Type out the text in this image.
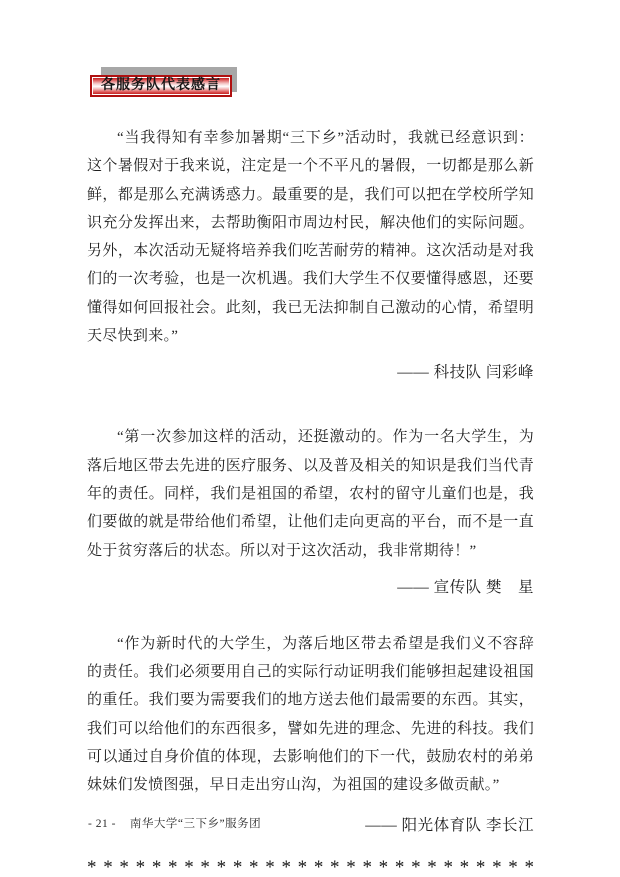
各服务队代表感言

“当我得知有幸参加暑期“三下乡”活动时，我就已经意识到：这个暑假对于我来说，注定是一个不平凡的暑假，一切都是那么新鲜，都是那么充满诱惑力。最重要的是，我们可以把在学校所学知识充分发挥出来，去帮助衡阳市周边村民，解决他们的实际问题。另外，本次活动无疑将培养我们吃苦耐劳的精神。这次活动是对我们的一次考验，也是一次机遇。我们大学生不仅要懂得感恩，还要懂得如何回报社会。此刻，我已无法抑制自己激动的心情，希望明天尽快到来。”

—— 科技队 闫彩峰

“第一次参加这样的活动，还挺激动的。作为一名大学生，为落后地区带去先进的医疗服务、以及普及相关的知识是我们当代青年的责任。同样，我们是祖国的希望，农村的留守儿童们也是，我们要做的就是带给他们希望，让他们走向更高的平台，而不是一直处于贫穷落后的状态。所以对于这次活动，我非常期待！”

—— 宣传队 樊　星

“作为新时代的大学生，为落后地区带去希望是我们义不容辞的责任。我们必须要用自己的实际行动证明我们能够担起建设祖国的重任。我们要为需要我们的地方送去他们最需要的东西。其实，我们可以给他们的东西很多，譬如先进的理念、先进的科技。我们可以通过自身价值的体现，去影响他们的下一代，鼓励农村的弟弟妹妹们发愤图强，早日走出穷山沟，为祖国的建设多做贡献。”

—— 阳光体育队 李长江

* * * * * * * * * * * * * * * * * * * * * * * * * * * *
- 21 - 南华大学“三下乡”服务团
